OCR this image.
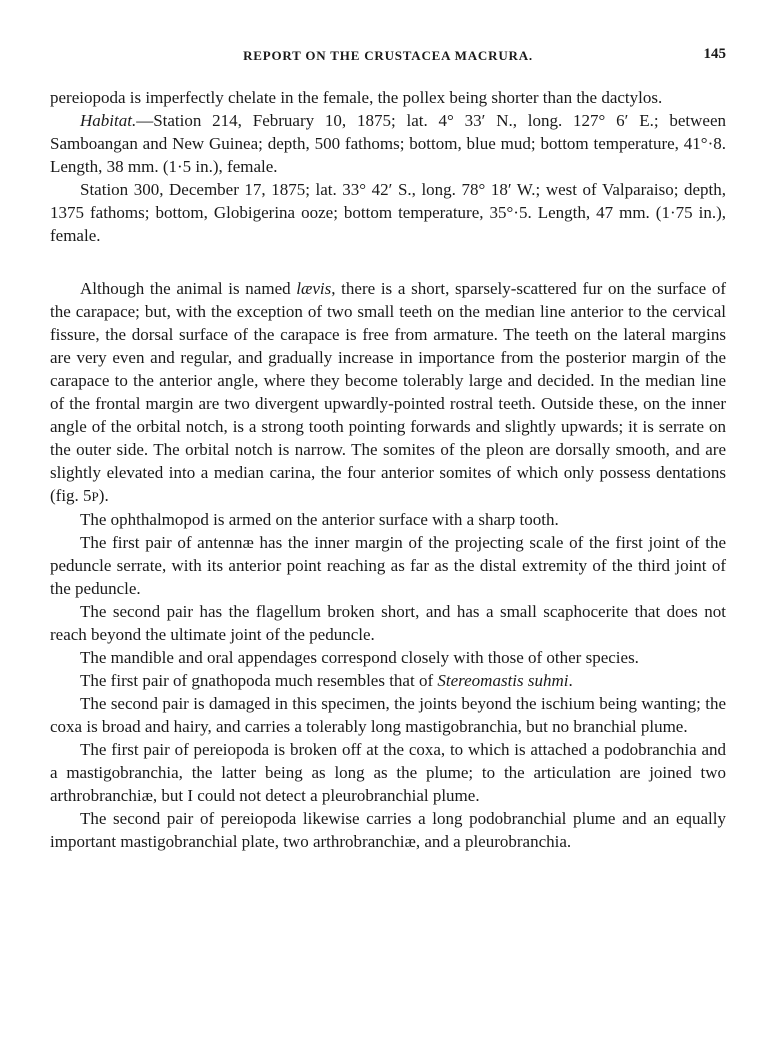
REPORT ON THE CRUSTACEA MACRURA.	145

pereiopoda is imperfectly chelate in the female, the pollex being shorter than the dactylos.

Habitat.—Station 214, February 10, 1875; lat. 4° 33′ N., long. 127° 6′ E.; between Samboangan and New Guinea; depth, 500 fathoms; bottom, blue mud; bottom temperature, 41°·8. Length, 38 mm. (1·5 in.), female.

Station 300, December 17, 1875; lat. 33° 42′ S., long. 78° 18′ W.; west of Valparaiso; depth, 1375 fathoms; bottom, Globigerina ooze; bottom temperature, 35°·5. Length, 47 mm. (1·75 in.), female.

Although the animal is named lævis, there is a short, sparsely-scattered fur on the surface of the carapace; but, with the exception of two small teeth on the median line anterior to the cervical fissure, the dorsal surface of the carapace is free from armature. The teeth on the lateral margins are very even and regular, and gradually increase in importance from the posterior margin of the carapace to the anterior angle, where they become tolerably large and decided. In the median line of the frontal margin are two divergent upwardly-pointed rostral teeth. Outside these, on the inner angle of the orbital notch, is a strong tooth pointing forwards and slightly upwards; it is serrate on the outer side. The orbital notch is narrow. The somites of the pleon are dorsally smooth, and are slightly elevated into a median carina, the four anterior somites of which only possess dentations (fig. 5P).

The ophthalmopod is armed on the anterior surface with a sharp tooth.

The first pair of antennæ has the inner margin of the projecting scale of the first joint of the peduncle serrate, with its anterior point reaching as far as the distal extremity of the third joint of the peduncle.

The second pair has the flagellum broken short, and has a small scaphocerite that does not reach beyond the ultimate joint of the peduncle.

The mandible and oral appendages correspond closely with those of other species.

The first pair of gnathopoda much resembles that of Stereomastis suhmi.

The second pair is damaged in this specimen, the joints beyond the ischium being wanting; the coxa is broad and hairy, and carries a tolerably long mastigobranchia, but no branchial plume.

The first pair of pereiopoda is broken off at the coxa, to which is attached a podobranchia and a mastigobranchia, the latter being as long as the plume; to the articulation are joined two arthrobranchiæ, but I could not detect a pleurobranchial plume.

The second pair of pereiopoda likewise carries a long podobranchial plume and an equally important mastigobranchial plate, two arthrobranchiæ, and a pleurobranchia.
